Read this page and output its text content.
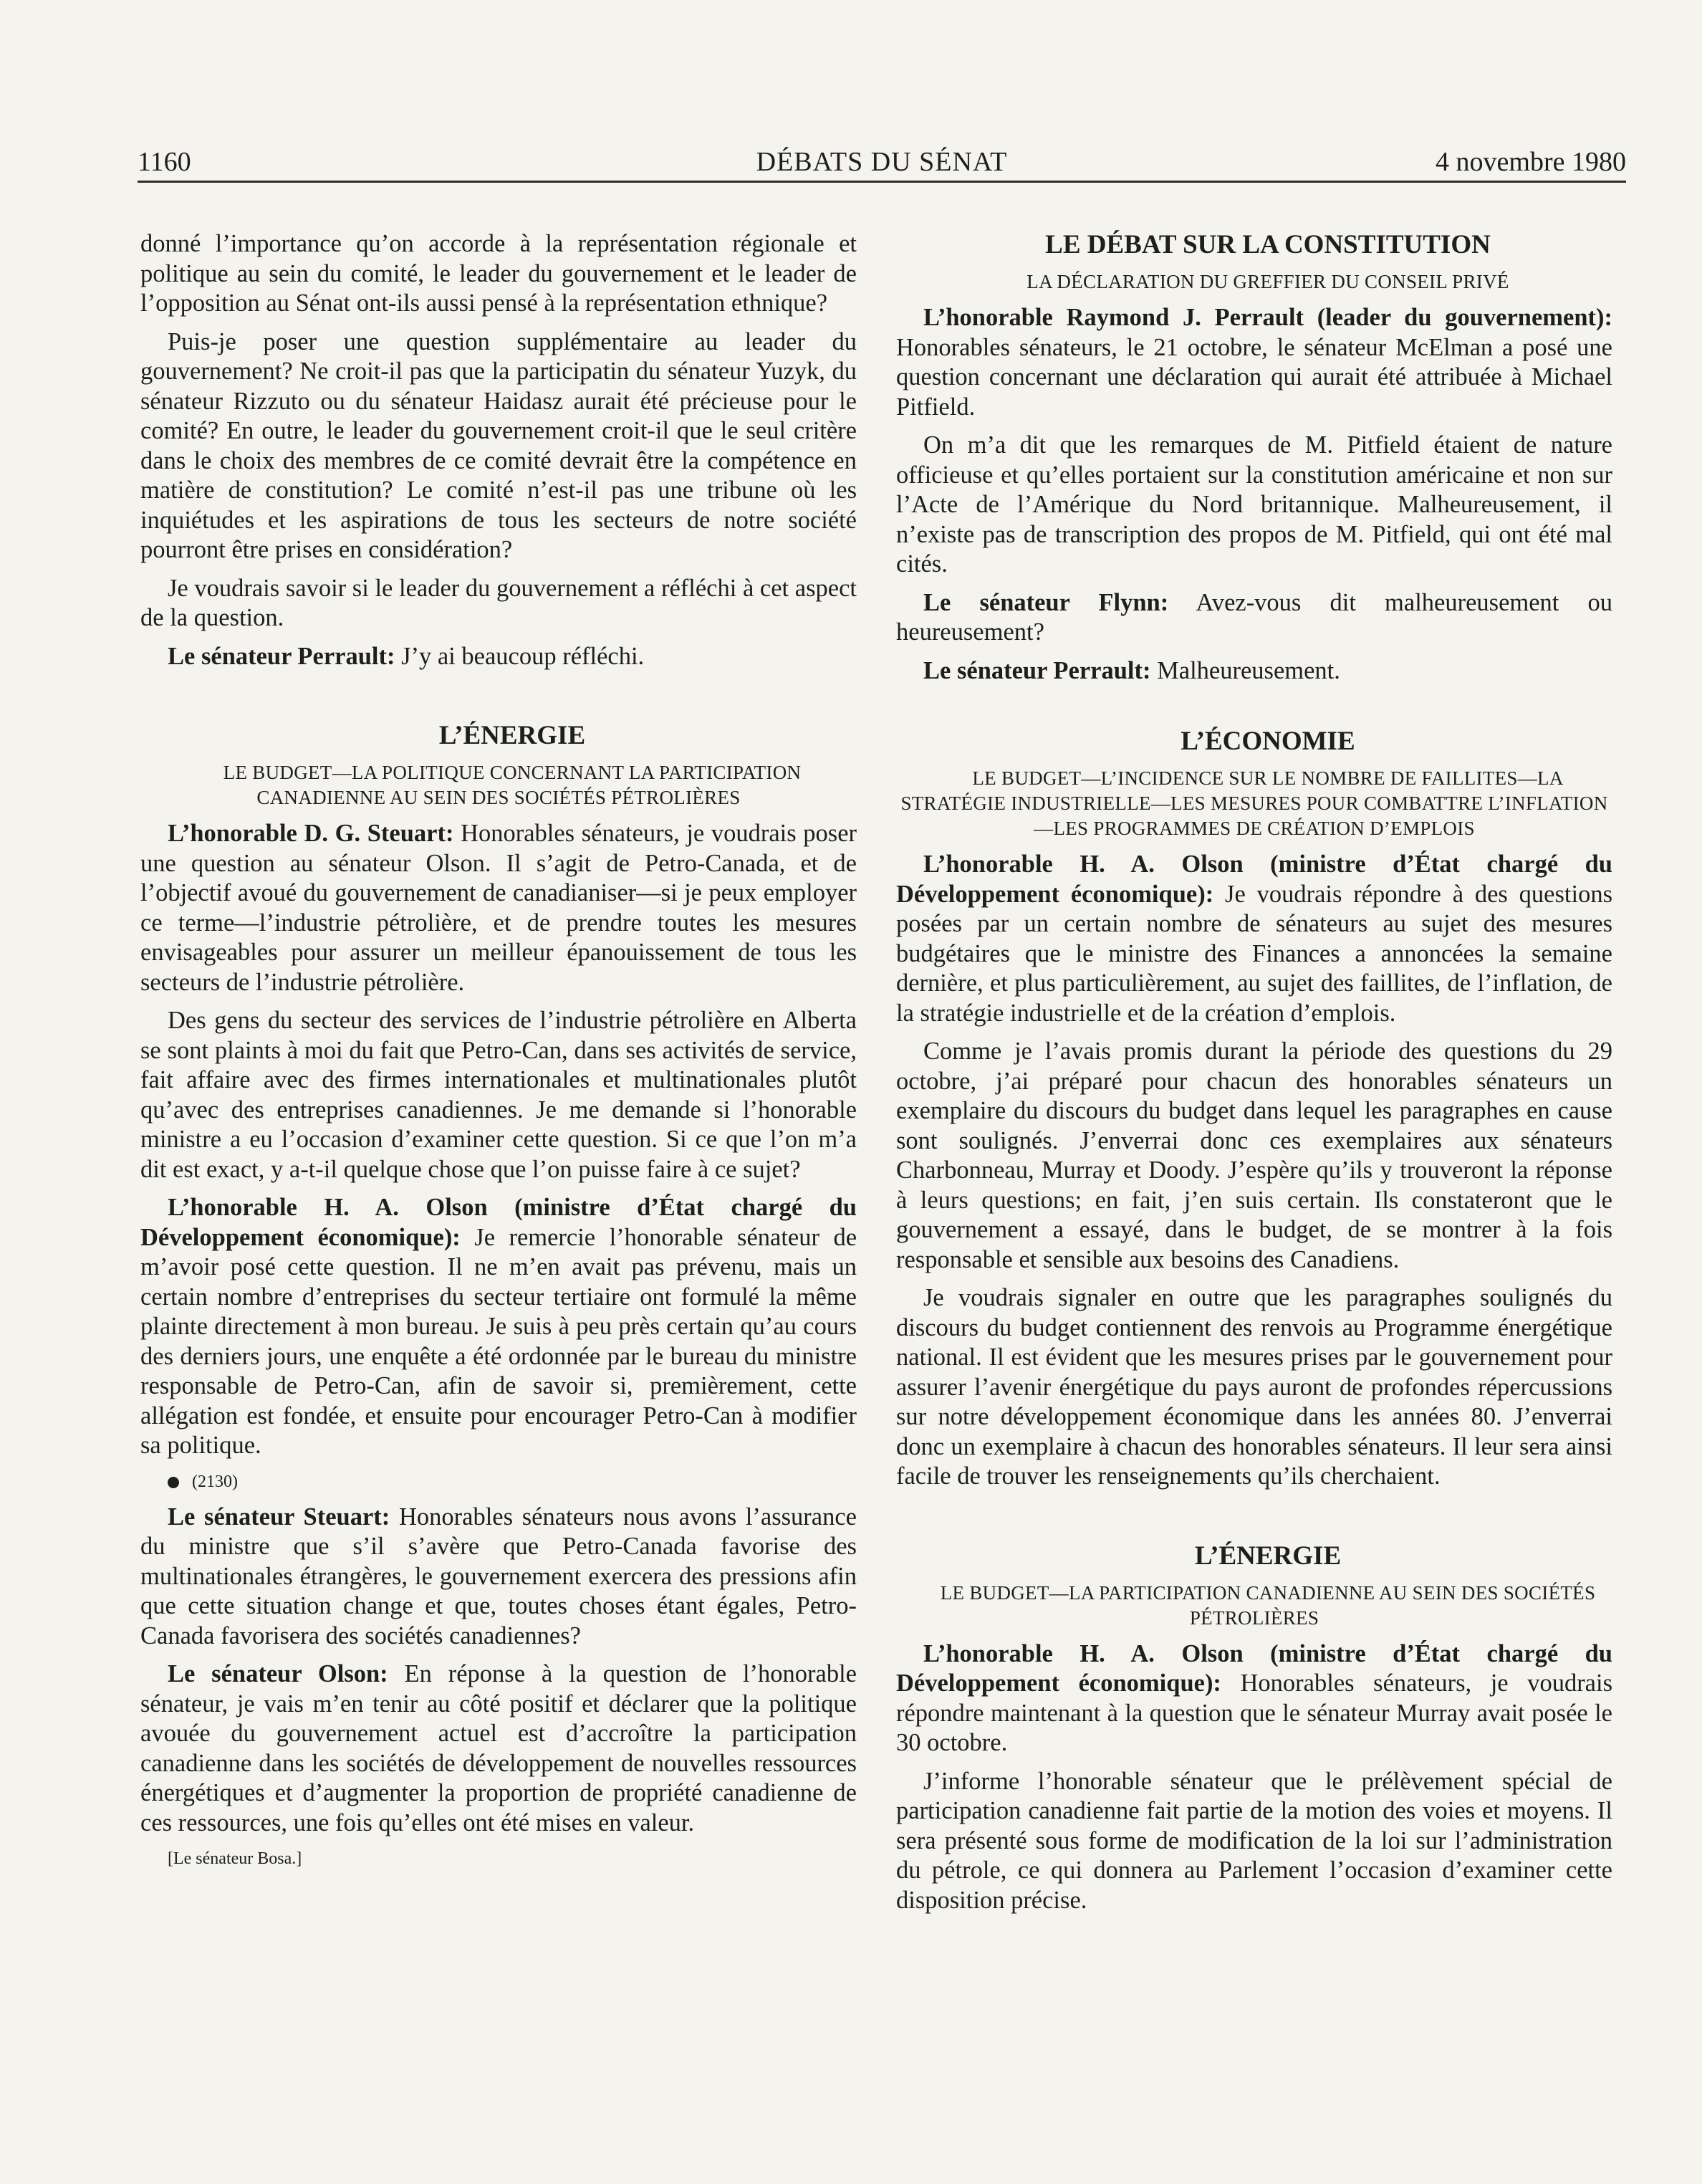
1160	DÉBATS DU SÉNAT	4 novembre 1980

donné l’importance qu’on accorde à la représentation régionale et politique au sein du comité, le leader du gouvernement et le leader de l’opposition au Sénat ont-ils aussi pensé à la représentation ethnique?

Puis-je poser une question supplémentaire au leader du gouvernement? Ne croit-il pas que la participatin du sénateur Yuzyk, du sénateur Rizzuto ou du sénateur Haidasz aurait été précieuse pour le comité? En outre, le leader du gouvernement croit-il que le seul critère dans le choix des membres de ce comité devrait être la compétence en matière de constitution? Le comité n’est-il pas une tribune où les inquiétudes et les aspirations de tous les secteurs de notre société pourront être prises en considération?

Je voudrais savoir si le leader du gouvernement a réfléchi à cet aspect de la question.

Le sénateur Perrault: J’y ai beaucoup réfléchi.

L’ÉNERGIE

LE BUDGET—LA POLITIQUE CONCERNANT LA PARTICIPATION CANADIENNE AU SEIN DES SOCIÉTÉS PÉTROLIÈRES

L’honorable D. G. Steuart: Honorables sénateurs, je voudrais poser une question au sénateur Olson. Il s’agit de Petro-Canada, et de l’objectif avoué du gouvernement de canadianiser—si je peux employer ce terme—l’industrie pétrolière, et de prendre toutes les mesures envisageables pour assurer un meilleur épanouissement de tous les secteurs de l’industrie pétrolière.

Des gens du secteur des services de l’industrie pétrolière en Alberta se sont plaints à moi du fait que Petro-Can, dans ses activités de service, fait affaire avec des firmes internationales et multinationales plutôt qu’avec des entreprises canadiennes. Je me demande si l’honorable ministre a eu l’occasion d’examiner cette question. Si ce que l’on m’a dit est exact, y a-t-il quelque chose que l’on puisse faire à ce sujet?

L’honorable H. A. Olson (ministre d’État chargé du Développement économique): Je remercie l’honorable sénateur de m’avoir posé cette question. Il ne m’en avait pas prévenu, mais un certain nombre d’entreprises du secteur tertiaire ont formulé la même plainte directement à mon bureau. Je suis à peu près certain qu’au cours des derniers jours, une enquête a été ordonnée par le bureau du ministre responsable de Petro-Can, afin de savoir si, premièrement, cette allégation est fondée, et ensuite pour encourager Petro-Can à modifier sa politique.

(2130)

Le sénateur Steuart: Honorables sénateurs nous avons l’assurance du ministre que s’il s’avère que Petro-Canada favorise des multinationales étrangères, le gouvernement exercera des pressions afin que cette situation change et que, toutes choses étant égales, Petro-Canada favorisera des sociétés canadiennes?

Le sénateur Olson: En réponse à la question de l’honorable sénateur, je vais m’en tenir au côté positif et déclarer que la politique avouée du gouvernement actuel est d’accroître la participation canadienne dans les sociétés de développement de nouvelles ressources énergétiques et d’augmenter la proportion de propriété canadienne de ces ressources, une fois qu’elles ont été mises en valeur.

[Le sénateur Bosa.]

LE DÉBAT SUR LA CONSTITUTION

LA DÉCLARATION DU GREFFIER DU CONSEIL PRIVÉ

L’honorable Raymond J. Perrault (leader du gouvernement): Honorables sénateurs, le 21 octobre, le sénateur McElman a posé une question concernant une déclaration qui aurait été attribuée à Michael Pitfield.

On m’a dit que les remarques de M. Pitfield étaient de nature officieuse et qu’elles portaient sur la constitution américaine et non sur l’Acte de l’Amérique du Nord britannique. Malheureusement, il n’existe pas de transcription des propos de M. Pitfield, qui ont été mal cités.

Le sénateur Flynn: Avez-vous dit malheureusement ou heureusement?

Le sénateur Perrault: Malheureusement.

L’ÉCONOMIE

LE BUDGET—L’INCIDENCE SUR LE NOMBRE DE FAILLITES—LA STRATÉGIE INDUSTRIELLE—LES MESURES POUR COMBATTRE L’INFLATION—LES PROGRAMMES DE CRÉATION D’EMPLOIS

L’honorable H. A. Olson (ministre d’État chargé du Développement économique): Je voudrais répondre à des questions posées par un certain nombre de sénateurs au sujet des mesures budgétaires que le ministre des Finances a annoncées la semaine dernière, et plus particulièrement, au sujet des faillites, de l’inflation, de la stratégie industrielle et de la création d’emplois.

Comme je l’avais promis durant la période des questions du 29 octobre, j’ai préparé pour chacun des honorables sénateurs un exemplaire du discours du budget dans lequel les paragraphes en cause sont soulignés. J’enverrai donc ces exemplaires aux sénateurs Charbonneau, Murray et Doody. J’espère qu’ils y trouveront la réponse à leurs questions; en fait, j’en suis certain. Ils constateront que le gouvernement a essayé, dans le budget, de se montrer à la fois responsable et sensible aux besoins des Canadiens.

Je voudrais signaler en outre que les paragraphes soulignés du discours du budget contiennent des renvois au Programme énergétique national. Il est évident que les mesures prises par le gouvernement pour assurer l’avenir énergétique du pays auront de profondes répercussions sur notre développement économique dans les années 80. J’enverrai donc un exemplaire à chacun des honorables sénateurs. Il leur sera ainsi facile de trouver les renseignements qu’ils cherchaient.

L’ÉNERGIE

LE BUDGET—LA PARTICIPATION CANADIENNE AU SEIN DES SOCIÉTÉS PÉTROLIÈRES

L’honorable H. A. Olson (ministre d’État chargé du Développement économique): Honorables sénateurs, je voudrais répondre maintenant à la question que le sénateur Murray avait posée le 30 octobre.

J’informe l’honorable sénateur que le prélèvement spécial de participation canadienne fait partie de la motion des voies et moyens. Il sera présenté sous forme de modification de la loi sur l’administration du pétrole, ce qui donnera au Parlement l’occasion d’examiner cette disposition précise.
